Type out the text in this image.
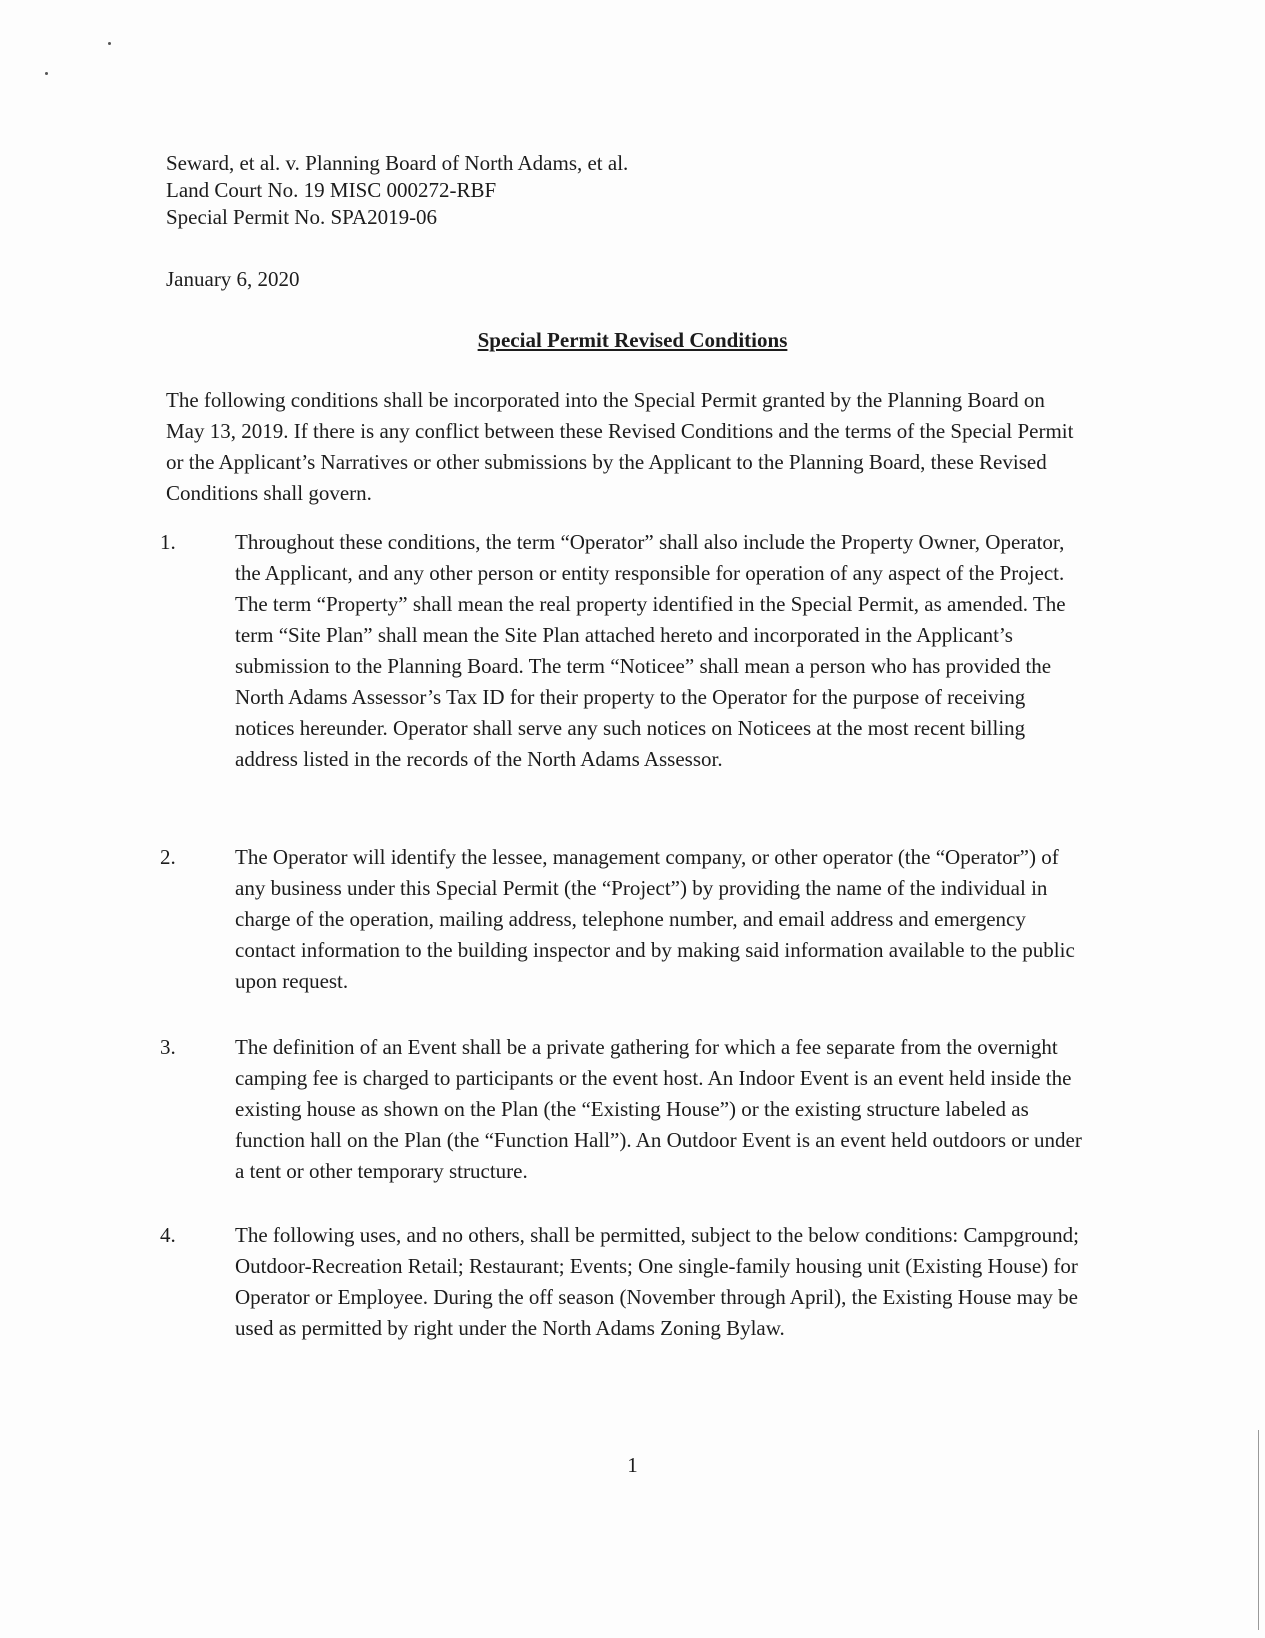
Seward, et al. v. Planning Board of North Adams, et al.
Land Court No. 19 MISC 000272-RBF
Special Permit No. SPA2019-06
January 6, 2020
Special Permit Revised Conditions
The following conditions shall be incorporated into the Special Permit granted by the Planning Board on May 13, 2019. If there is any conflict between these Revised Conditions and the terms of the Special Permit or the Applicant’s Narratives or other submissions by the Applicant to the Planning Board, these Revised Conditions shall govern.
1.	Throughout these conditions, the term “Operator” shall also include the Property Owner, Operator, the Applicant, and any other person or entity responsible for operation of any aspect of the Project. The term “Property” shall mean the real property identified in the Special Permit, as amended. The term “Site Plan” shall mean the Site Plan attached hereto and incorporated in the Applicant’s submission to the Planning Board. The term “Noticee” shall mean a person who has provided the North Adams Assessor’s Tax ID for their property to the Operator for the purpose of receiving notices hereunder. Operator shall serve any such notices on Noticees at the most recent billing address listed in the records of the North Adams Assessor.
2.	The Operator will identify the lessee, management company, or other operator (the “Operator”) of any business under this Special Permit (the “Project”) by providing the name of the individual in charge of the operation, mailing address, telephone number, and email address and emergency contact information to the building inspector and by making said information available to the public upon request.
3.	The definition of an Event shall be a private gathering for which a fee separate from the overnight camping fee is charged to participants or the event host. An Indoor Event is an event held inside the existing house as shown on the Plan (the “Existing House”) or the existing structure labeled as function hall on the Plan (the “Function Hall”). An Outdoor Event is an event held outdoors or under a tent or other temporary structure.
4.	The following uses, and no others, shall be permitted, subject to the below conditions: Campground; Outdoor-Recreation Retail; Restaurant; Events; One single-family housing unit (Existing House) for Operator or Employee. During the off season (November through April), the Existing House may be used as permitted by right under the North Adams Zoning Bylaw.
1
